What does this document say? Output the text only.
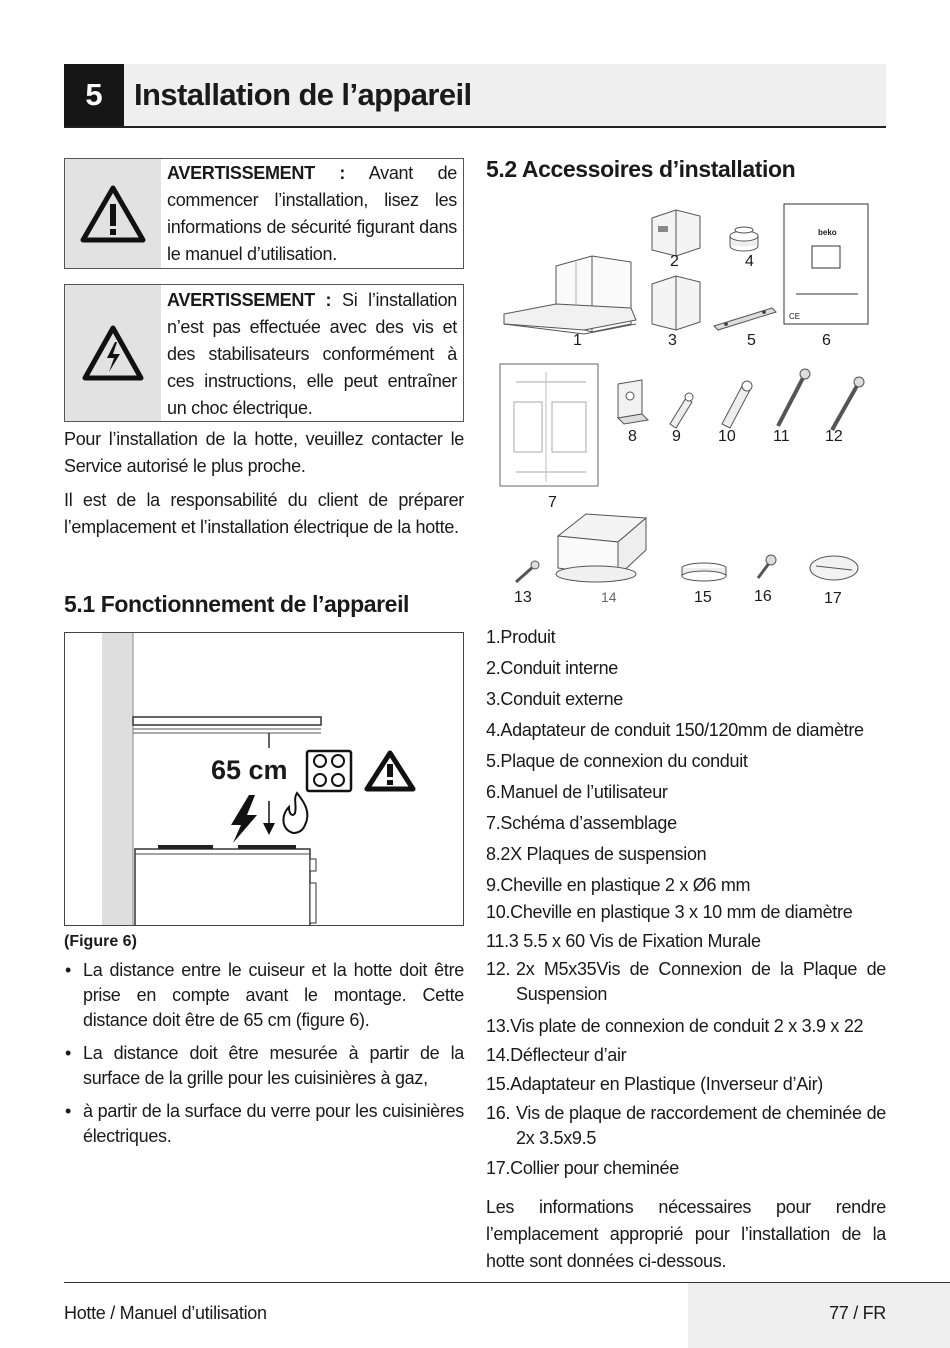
5	Installation de l’appareil
AVERTISSEMENT : Avant de commencer l’installation, lisez les informations de sécurité figurant dans le manuel d’utilisation.
AVERTISSEMENT : Si l’installation n’est pas effectuée avec des vis et des stabilisateurs conformément à ces instructions, elle peut entraîner un choc électrique.

Pour l’installation de la hotte, veuillez contacter le Service autorisé le plus proche.

Il est de la responsabilité du client de préparer l’emplacement et l’installation électrique de la hotte.

5.1 Fonctionnement de l’appareil
65 cm
(Figure 6)
• La distance entre le cuiseur et la hotte doit être prise en compte avant le montage. Cette distance doit être de 65 cm (figure 6).
• La distance doit être mesurée à partir de la surface de la grille pour les cuisinières à gaz,
• à partir de la surface du verre pour les cuisinières électriques.
5.2 Accessoires d’installation
1
2
3
4
5	6
7
8 9 10 11 12
13	14	15	16	17
beko
CE
1.Produit
2.Conduit interne
3.Conduit externe
4.Adaptateur de conduit 150/120mm de diamètre
5.Plaque de connexion du conduit
6.Manuel de l’utilisateur
7.Schéma d’assemblage
8.2X Plaques de suspension
9.Cheville en plastique 2 x Ø6 mm
10.Cheville en plastique 3 x 10 mm de diamètre
11.3 5.5 x 60 Vis de Fixation Murale
12. 2x M5x35Vis de Connexion de la Plaque de Suspension
13.Vis plate de connexion de conduit 2 x 3.9 x 22
14.Déflecteur d’air
15.Adaptateur en Plastique (Inverseur d’Air)
16. Vis de plaque de raccordement de cheminée de 2x 3.5x9.5
17.Collier pour cheminée

Les informations nécessaires pour rendre l’emplacement approprié pour l’installation de la hotte sont données ci-dessous.

Hotte / Manuel d’utilisation	77 / FR
